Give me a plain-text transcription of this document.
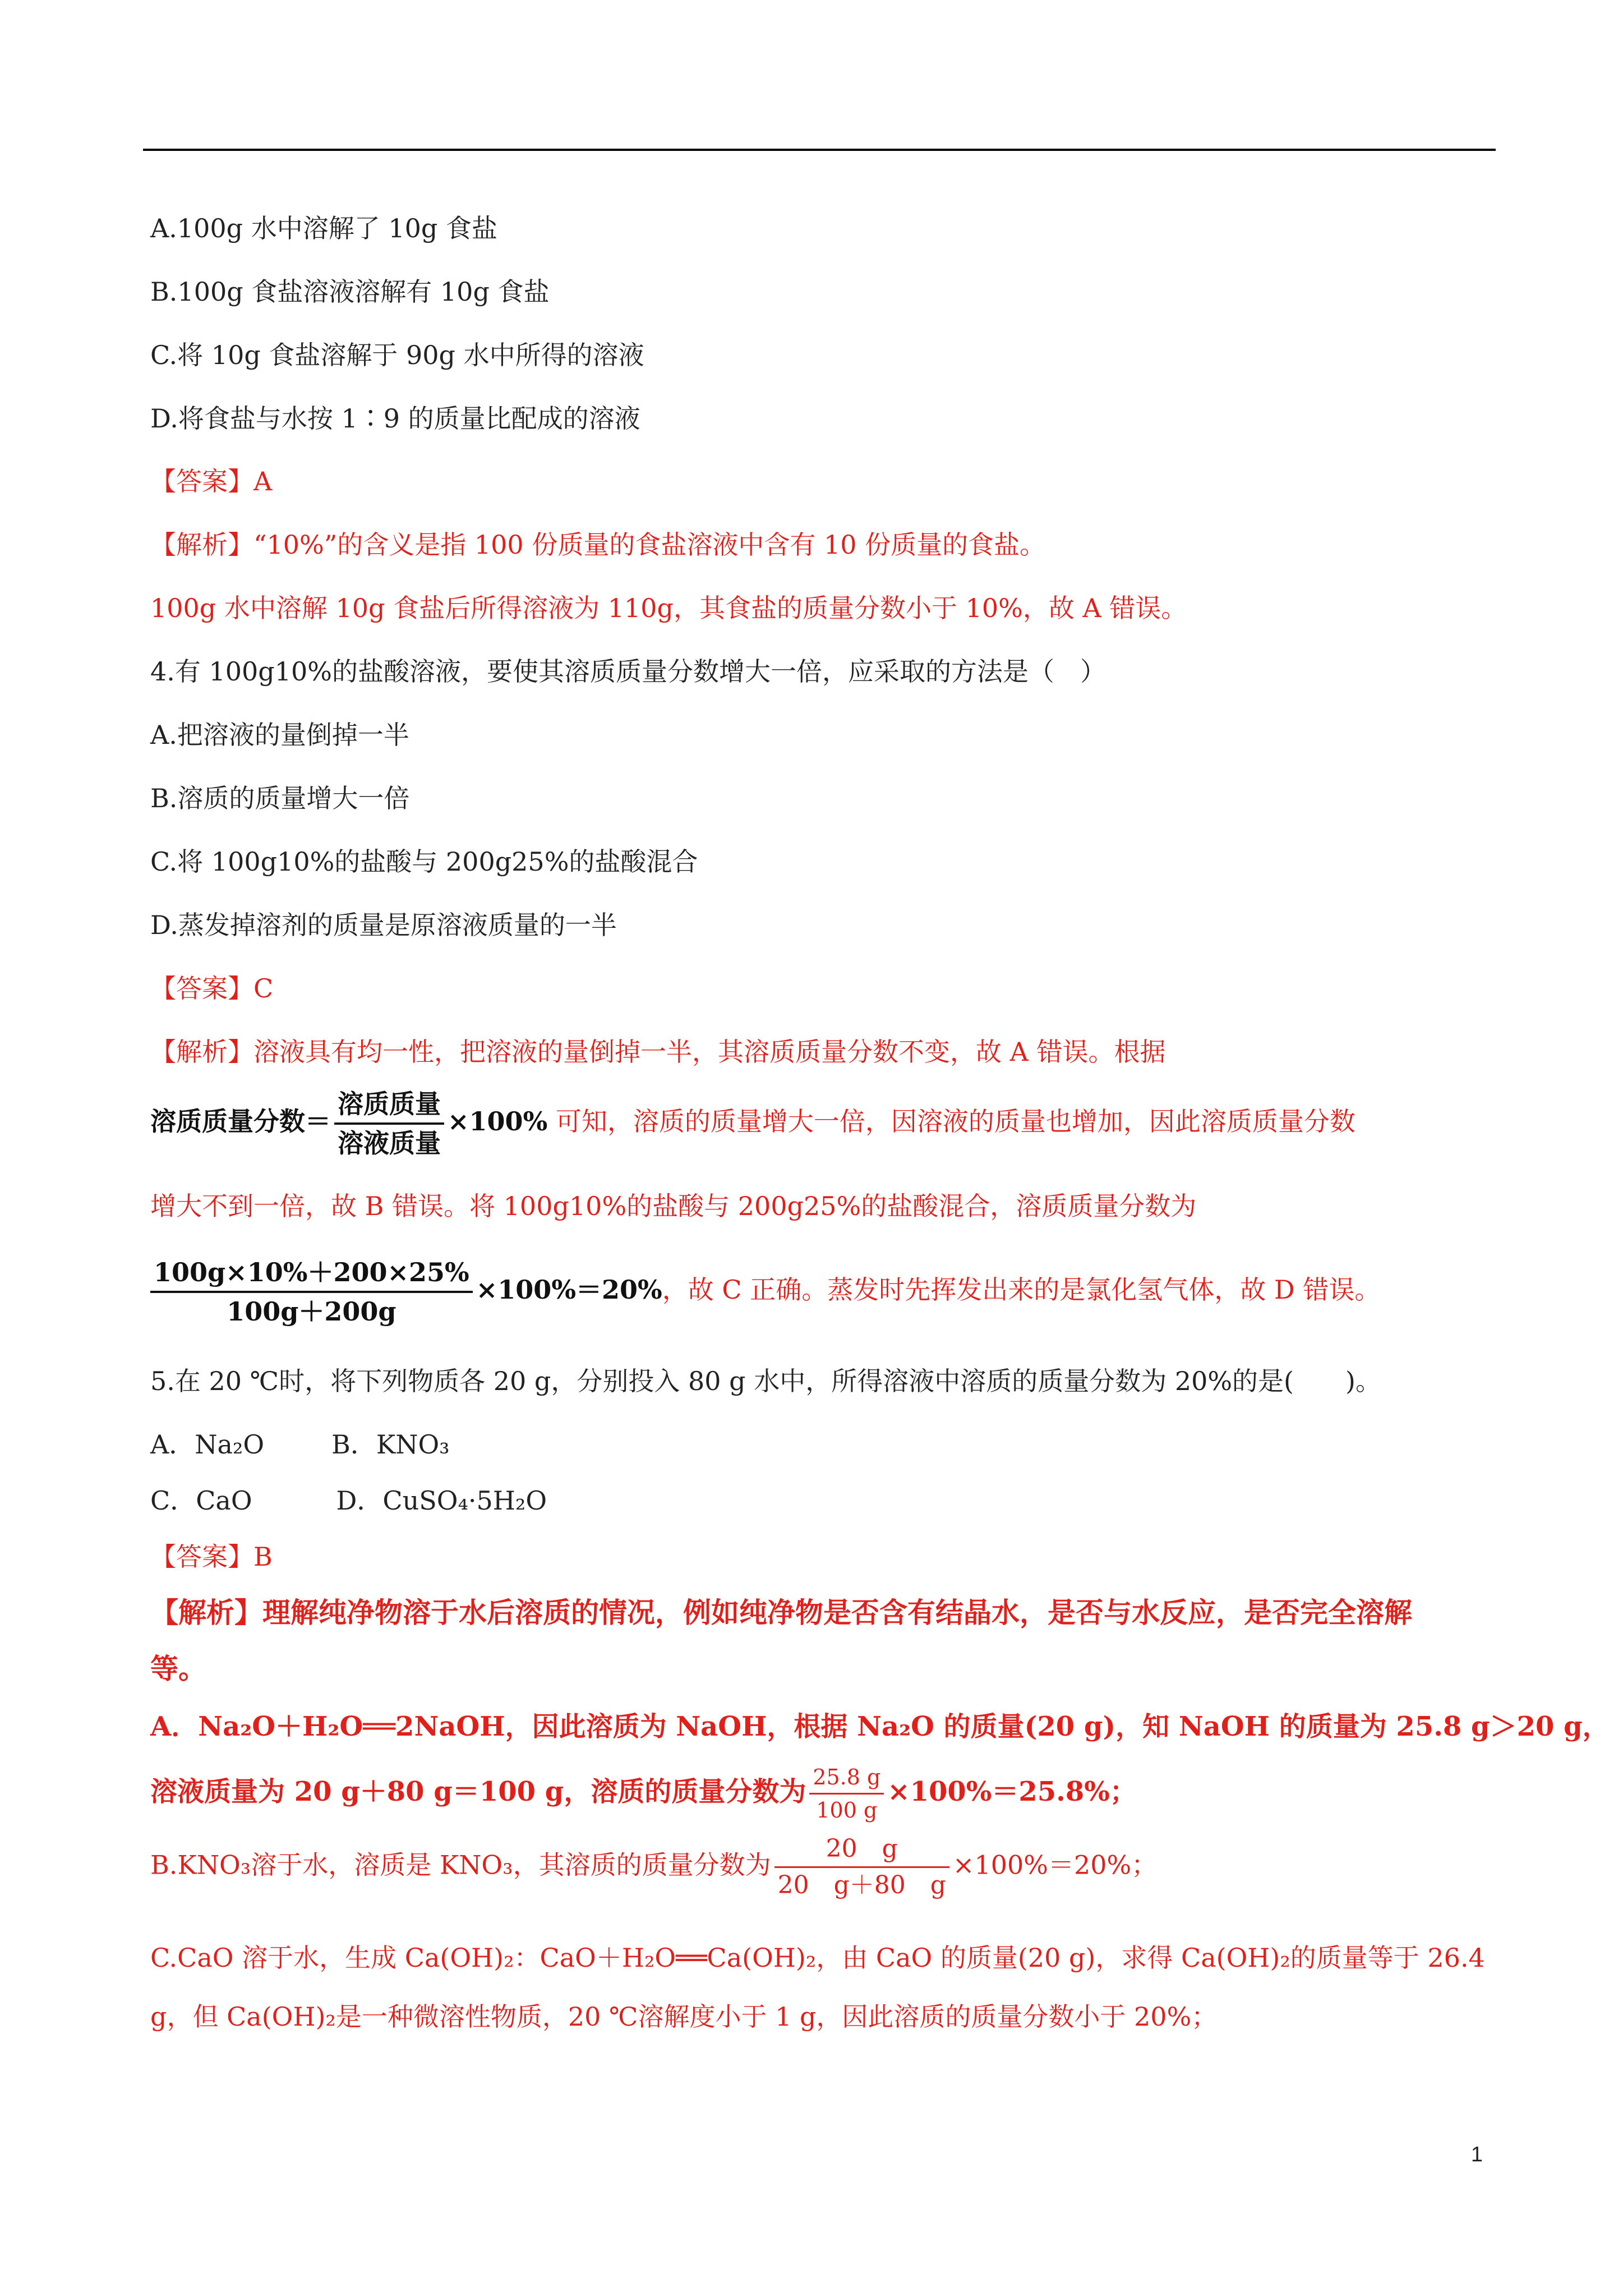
A.100g 水中溶解了 10g 食盐
B.100g 食盐溶液溶解有 10g 食盐
C.将 10g 食盐溶解于 90g 水中所得的溶液
D.将食盐与水按 1∶9 的质量比配成的溶液
【答案】A
【解析】“10%”的含义是指 100 份质量的食盐溶液中含有 10 份质量的食盐。
100g 水中溶解 10g 食盐后所得溶液为 110g，其食盐的质量分数小于 10%，故 A 错误。
4.有 100g10%的盐酸溶液，要使其溶质质量分数增大一倍，应采取的方法是（　）
A.把溶液的量倒掉一半
B.溶质的质量增大一倍
C.将 100g10%的盐酸与 200g25%的盐酸混合
D.蒸发掉溶剂的质量是原溶液质量的一半
【答案】C
【解析】溶液具有均一性，把溶液的量倒掉一半，其溶质质量分数不变，故 A 错误。根据
溶质质量分数＝ $\frac{\text{溶质质量}}{\text{溶液质量}} \times 100\%$ 可知，溶质的质量增大一倍，因溶液的质量也增加，因此溶质质量分数
增大不到一倍，故 B 错误。将 100g10%的盐酸与 200g25%的盐酸混合，溶质质量分数为
$\frac{100g\times 10\%+200\times 25\%}{100g+200g} \times 100\%=20\%$，故 C 正确。蒸发时先挥发出来的是氯化氢气体，故 D 错误。
5.在 20 ℃时，将下列物质各 20 g，分别投入 80 g 水中，所得溶液中溶质的质量分数为 20%的是(　　)。
A．Na₂O	B．KNO₃
C．CaO	D．CuSO₄·5H₂O
【答案】B
【解析】理解纯净物溶于水后溶质的情况，例如纯净物是否含有结晶水，是否与水反应，是否完全溶解
等。
A．Na₂O＋H₂O══2NaOH，因此溶质为 NaOH，根据 Na₂O 的质量(20 g)，知 NaOH 的质量为 25.8 g＞20 g，
溶液质量为 20 g＋80 g＝100 g，溶质的质量分数为 $\frac{25.8 g}{100 g} \times 100\%=25.8\%$；
B.KNO₃溶于水，溶质是 KNO₃，其溶质的质量分数为 $\frac{20 g}{20 g+80 g} \times 100\%=20\%$；
C.CaO 溶于水，生成 Ca(OH)₂：CaO＋H₂O══Ca(OH)₂，由 CaO 的质量(20 g)，求得 Ca(OH)₂的质量等于 26.4
g，但 Ca(OH)₂是一种微溶性物质，20 ℃溶解度小于 1 g，因此溶质的质量分数小于 20%；
1
